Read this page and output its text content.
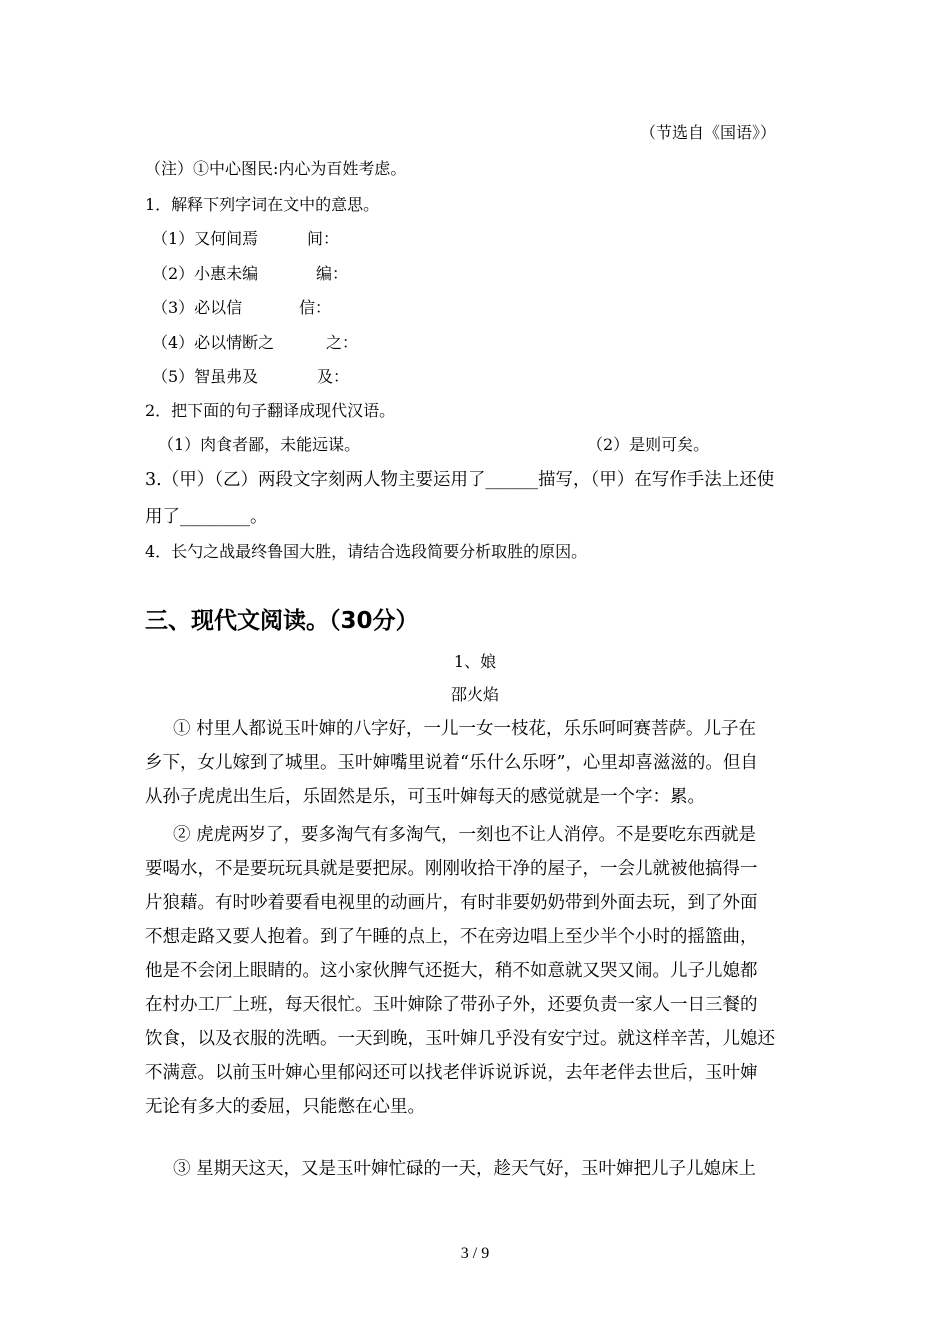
（节选自《国语》）
（注）①中心图民:内心为百姓考虑。
1．解释下列字词在文中的意思。
（1）又何间焉	间：
（2）小惠未编	编：
（3）必以信	信：
（4）必以情断之	之：
（5）智虽弗及	及：
2．把下面的句子翻译成现代汉语。
（1）肉食者鄙，未能远谋。	（2）是则可矣。
3.（甲）（乙）两段文字刻两人物主要运用了______描写，（甲）在写作手法上还使
用了________。
4．长勺之战最终鲁国大胜，请结合选段简要分析取胜的原因。
三、现代文阅读。（30分）
1、娘
邵火焰
① 村里人都说玉叶婶的八字好，一儿一女一枝花，乐乐呵呵赛菩萨。儿子在
乡下，女儿嫁到了城里。玉叶婶嘴里说着“乐什么乐呀”，心里却喜滋滋的。但自
从孙子虎虎出生后，乐固然是乐，可玉叶婶每天的感觉就是一个字：累。
② 虎虎两岁了，要多淘气有多淘气，一刻也不让人消停。不是要吃东西就是
要喝水，不是要玩玩具就是要把尿。刚刚收拾干净的屋子，一会儿就被他搞得一
片狼藉。有时吵着要看电视里的动画片，有时非要奶奶带到外面去玩，到了外面
不想走路又要人抱着。到了午睡的点上，不在旁边唱上至少半个小时的摇篮曲，
他是不会闭上眼睛的。这小家伙脾气还挺大，稍不如意就又哭又闹。儿子儿媳都
在村办工厂上班，每天很忙。玉叶婶除了带孙子外，还要负责一家人一日三餐的
饮食，以及衣服的洗晒。一天到晚，玉叶婶几乎没有安宁过。就这样辛苦，儿媳还
不满意。以前玉叶婶心里郁闷还可以找老伴诉说诉说，去年老伴去世后，玉叶婶
无论有多大的委屈，只能憋在心里。
③ 星期天这天，又是玉叶婶忙碌的一天，趁天气好，玉叶婶把儿子儿媳床上
3 / 9
